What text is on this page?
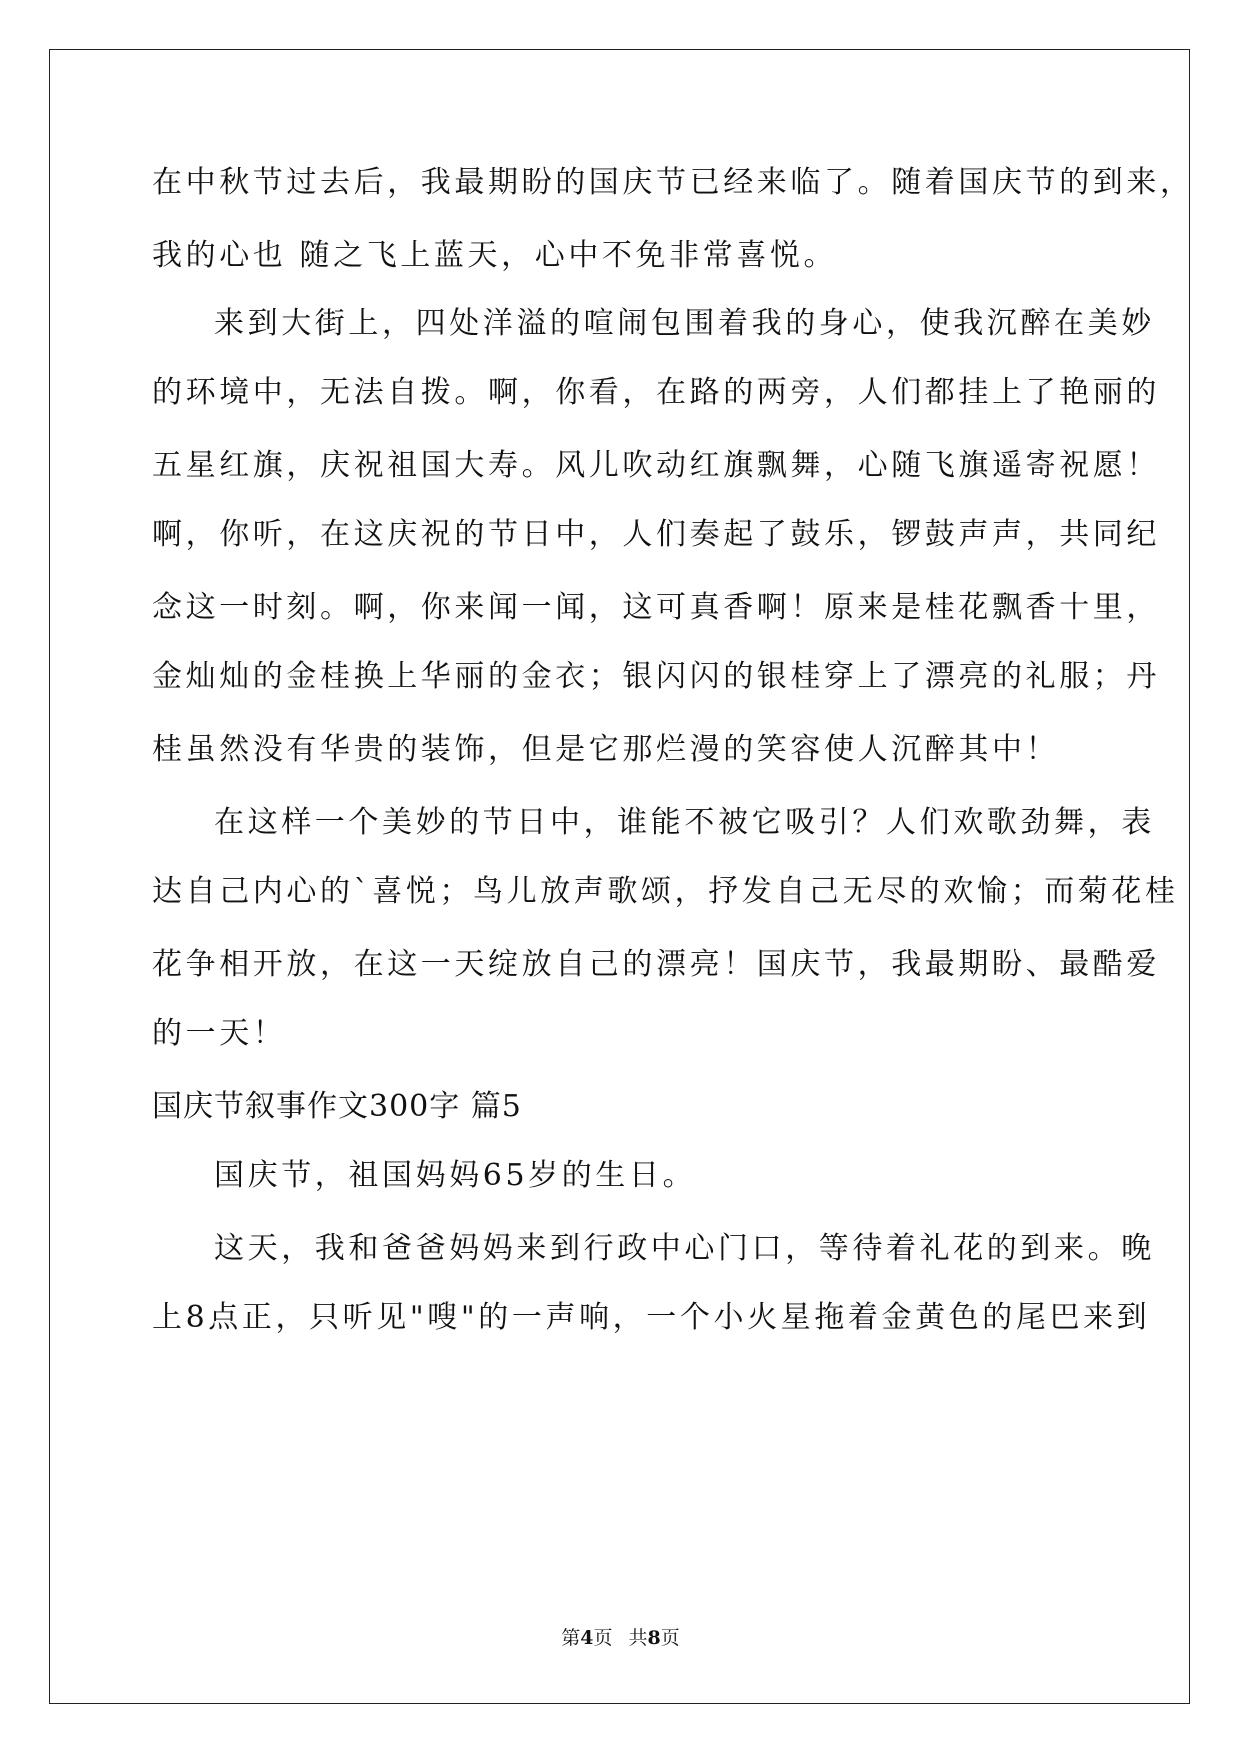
在中秋节过去后，我最期盼的国庆节已经来临了。随着国庆节的到来，
我的心也 随之飞上蓝天，心中不免非常喜悦。
来到大街上，四处洋溢的喧闹包围着我的身心，使我沉醉在美妙
的环境中，无法自拨。啊，你看，在路的两旁，人们都挂上了艳丽的
五星红旗，庆祝祖国大寿。风儿吹动红旗飘舞，心随飞旗遥寄祝愿！
啊，你听，在这庆祝的节日中，人们奏起了鼓乐，锣鼓声声，共同纪
念这一时刻。啊，你来闻一闻，这可真香啊！原来是桂花飘香十里，
金灿灿的金桂换上华丽的金衣；银闪闪的银桂穿上了漂亮的礼服；丹
桂虽然没有华贵的装饰，但是它那烂漫的笑容使人沉醉其中！
在这样一个美妙的节日中，谁能不被它吸引？人们欢歌劲舞，表
达自己内心的`喜悦；鸟儿放声歌颂，抒发自己无尽的欢愉；而菊花桂
花争相开放，在这一天绽放自己的漂亮！国庆节，我最期盼、最酷爱
的一天！
国庆节叙事作文300字 篇5
国庆节，祖国妈妈65岁的生日。
这天，我和爸爸妈妈来到行政中心门口，等待着礼花的到来。晚
上8点正，只听见"嗖"的一声响，一个小火星拖着金黄色的尾巴来到
第4页 共8页
